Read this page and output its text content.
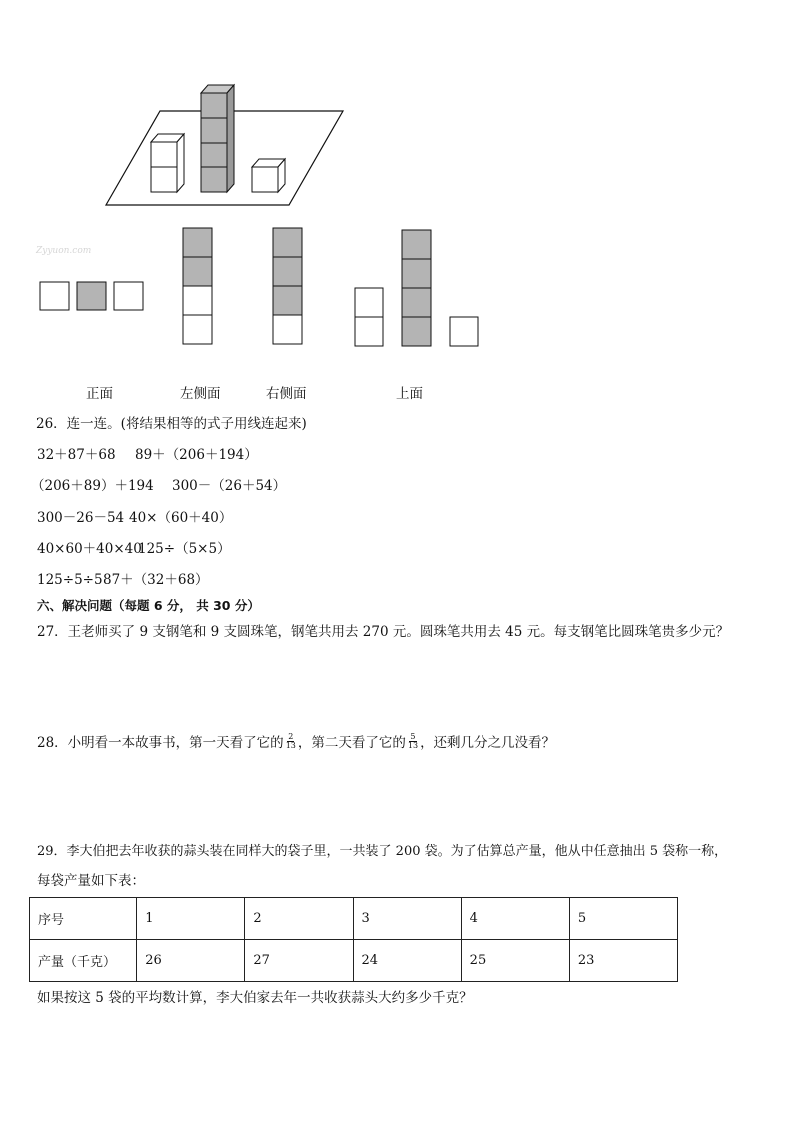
Zyyuon.com
正面	左侧面	右侧面	上面
26．连一连。(将结果相等的式子用线连起来)
32＋87＋68 89＋（206＋194）
（206＋89）＋194 300－（26＋54）
300－26－54 40×（60＋40）
40×60＋40×40
125÷（5×5）
125÷5÷5 87＋（32＋68）
六、解决问题（每题 6 分， 共 30 分）
27．王老师买了 9 支钢笔和 9 支圆珠笔，钢笔共用去 270 元。圆珠笔共用去 45 元。每支钢笔比圆珠笔贵多少元？
28．小明看一本故事书，第一天看了它的 $\frac{2}{13}$ ，第二天看了它的 $\frac{5}{13}$ ，还剩几分之几没看？
29．李大伯把去年收获的蒜头装在同样大的袋子里，一共装了 200 袋。为了估算总产量，他从中任意抽出 5 袋称一称，
每袋产量如下表：
序号	1	2	3	4	5
产量（千克）	26	27	24	25	23
如果按这 5 袋的平均数计算，李大伯家去年一共收获蒜头大约多少千克？
